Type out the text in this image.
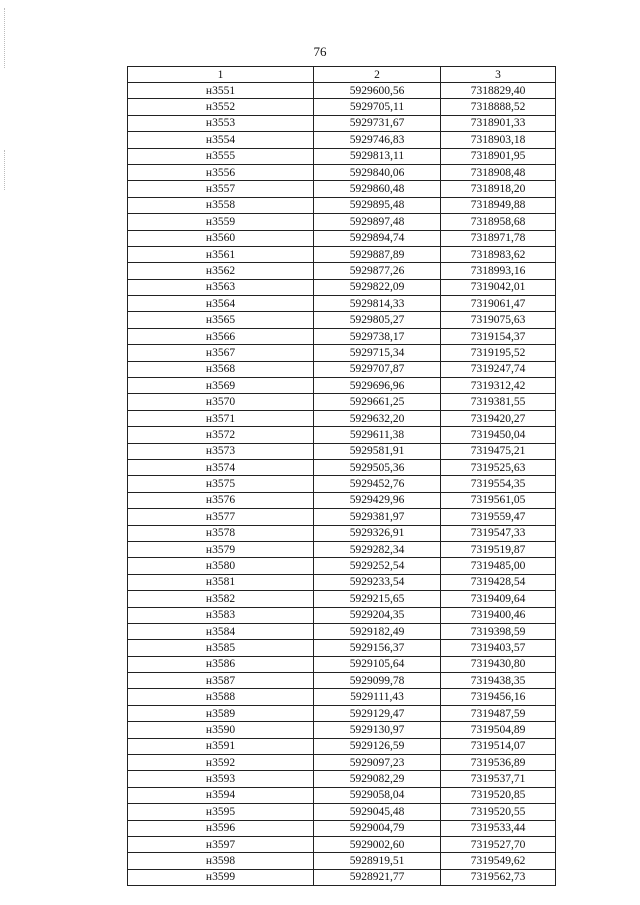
76
1	2	3
н3551	5929600,56	7318829,40
н3552	5929705,11	7318888,52
н3553	5929731,67	7318901,33
н3554	5929746,83	7318903,18
н3555	5929813,11	7318901,95
н3556	5929840,06	7318908,48
н3557	5929860,48	7318918,20
н3558	5929895,48	7318949,88
н3559	5929897,48	7318958,68
н3560	5929894,74	7318971,78
н3561	5929887,89	7318983,62
н3562	5929877,26	7318993,16
н3563	5929822,09	7319042,01
н3564	5929814,33	7319061,47
н3565	5929805,27	7319075,63
н3566	5929738,17	7319154,37
н3567	5929715,34	7319195,52
н3568	5929707,87	7319247,74
н3569	5929696,96	7319312,42
н3570	5929661,25	7319381,55
н3571	5929632,20	7319420,27
н3572	5929611,38	7319450,04
н3573	5929581,91	7319475,21
н3574	5929505,36	7319525,63
н3575	5929452,76	7319554,35
н3576	5929429,96	7319561,05
н3577	5929381,97	7319559,47
н3578	5929326,91	7319547,33
н3579	5929282,34	7319519,87
н3580	5929252,54	7319485,00
н3581	5929233,54	7319428,54
н3582	5929215,65	7319409,64
н3583	5929204,35	7319400,46
н3584	5929182,49	7319398,59
н3585	5929156,37	7319403,57
н3586	5929105,64	7319430,80
н3587	5929099,78	7319438,35
н3588	5929111,43	7319456,16
н3589	5929129,47	7319487,59
н3590	5929130,97	7319504,89
н3591	5929126,59	7319514,07
н3592	5929097,23	7319536,89
н3593	5929082,29	7319537,71
н3594	5929058,04	7319520,85
н3595	5929045,48	7319520,55
н3596	5929004,79	7319533,44
н3597	5929002,60	7319527,70
н3598	5928919,51	7319549,62
н3599	5928921,77	7319562,73
